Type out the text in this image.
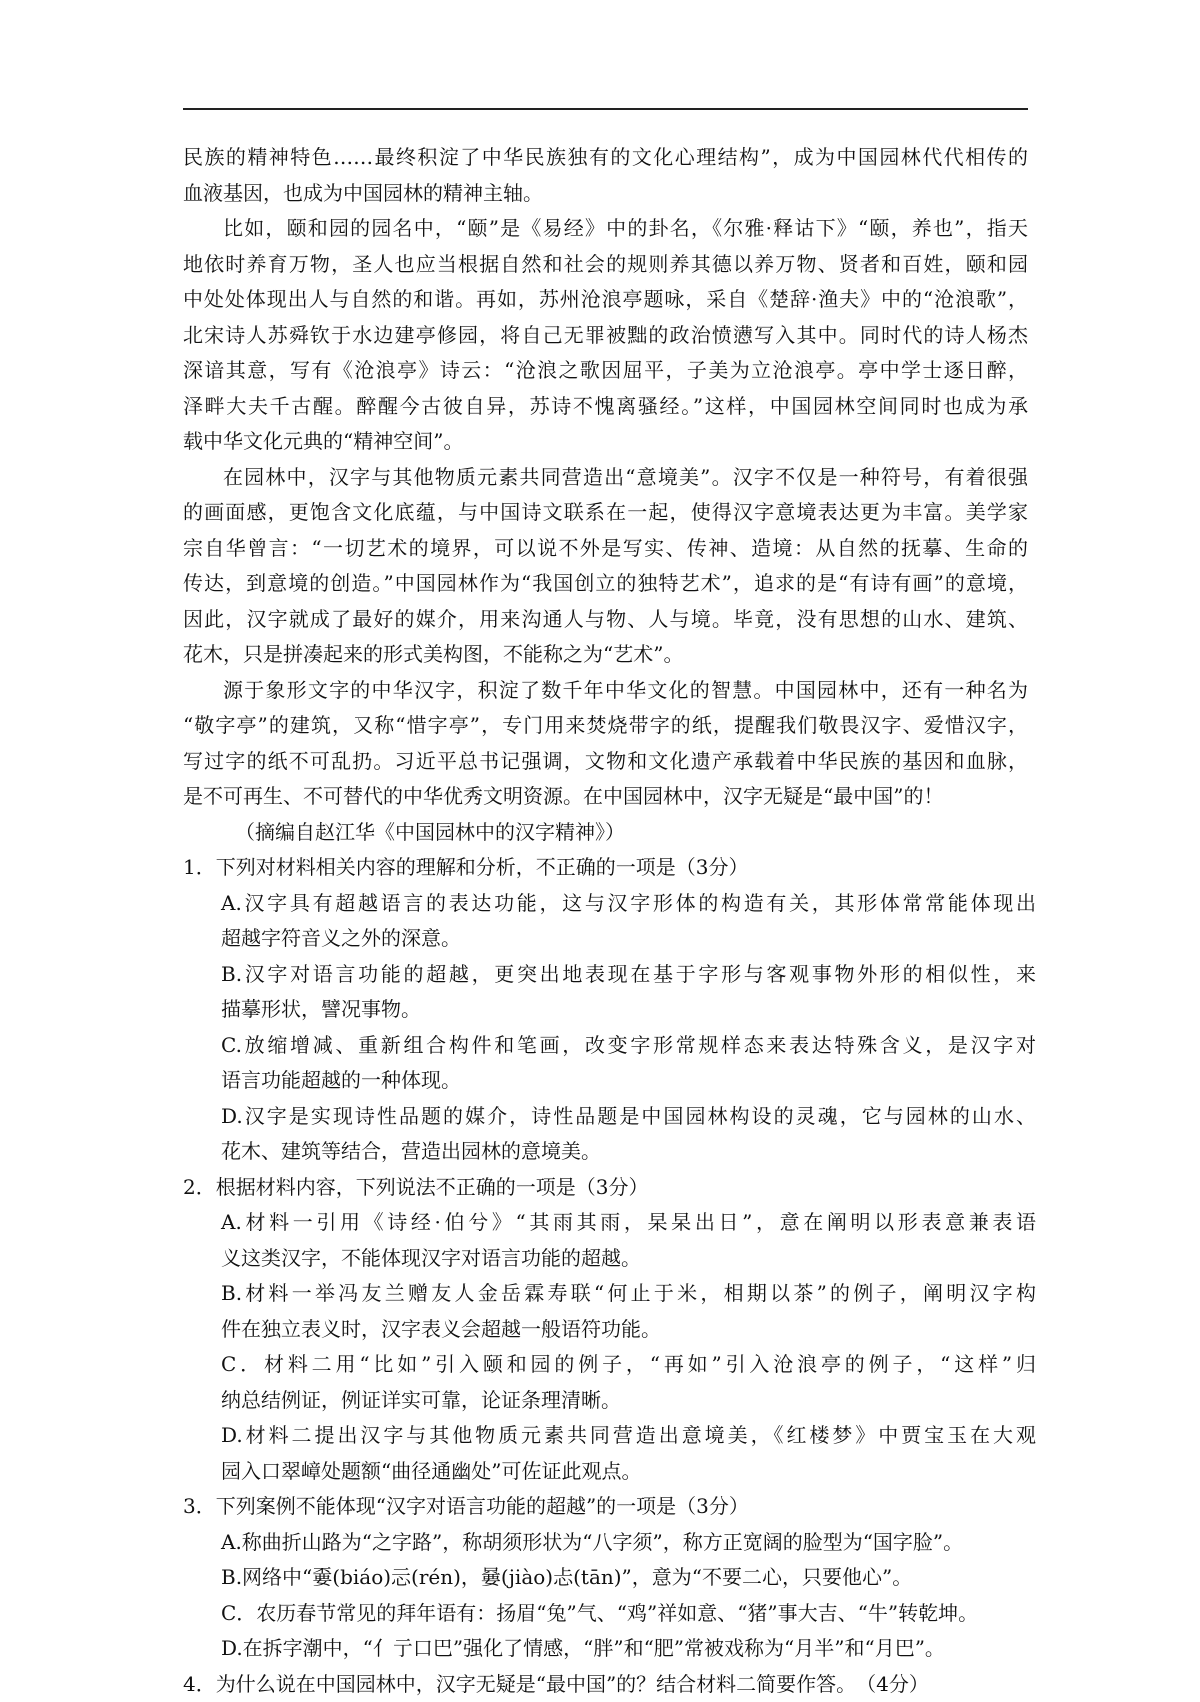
民族的精神特色……最终积淀了中华民族独有的文化心理结构”，成为中国园林代代相传的
血液基因，也成为中国园林的精神主轴。
比如，颐和园的园名中，“颐”是《易经》中的卦名，《尔雅·释诂下》“颐，养也”，指天
地依时养育万物，圣人也应当根据自然和社会的规则养其德以养万物、贤者和百姓，颐和园
中处处体现出人与自然的和谐。再如，苏州沧浪亭题咏，采自《楚辞·渔夫》中的“沧浪歌”，
北宋诗人苏舜钦于水边建亭修园，将自己无罪被黜的政治愤懑写入其中。同时代的诗人杨杰
深谙其意，写有《沧浪亭》诗云：“沧浪之歌因屈平，子美为立沧浪亭。亭中学士逐日醉，
泽畔大夫千古醒。醉醒今古彼自异，苏诗不愧离骚经。”这样，中国园林空间同时也成为承
载中华文化元典的“精神空间”。
在园林中，汉字与其他物质元素共同营造出“意境美”。汉字不仅是一种符号，有着很强
的画面感，更饱含文化底蕴，与中国诗文联系在一起，使得汉字意境表达更为丰富。美学家
宗自华曾言：“一切艺术的境界，可以说不外是写实、传神、造境：从自然的抚摹、生命的
传达，到意境的创造。”中国园林作为“我国创立的独特艺术”，追求的是“有诗有画”的意境，
因此，汉字就成了最好的媒介，用来沟通人与物、人与境。毕竟，没有思想的山水、建筑、
花木，只是拼凑起来的形式美构图，不能称之为“艺术”。
源于象形文字的中华汉字，积淀了数千年中华文化的智慧。中国园林中，还有一种名为
“敬字亭”的建筑，又称“惜字亭”，专门用来焚烧带字的纸，提醒我们敬畏汉字、爱惜汉字，
写过字的纸不可乱扔。习近平总书记强调，文物和文化遗产承载着中华民族的基因和血脉，
是不可再生、不可替代的中华优秀文明资源。在中国园林中，汉字无疑是“最中国”的！
（摘编自赵江华《中国园林中的汉字精神》）
1．下列对材料相关内容的理解和分析，不正确的一项是（3分）
A.汉字具有超越语言的表达功能，这与汉字形体的构造有关，其形体常常能体现出
超越字符音义之外的深意。
B.汉字对语言功能的超越，更突出地表现在基于字形与客观事物外形的相似性，来
描摹形状，譬况事物。
C.放缩增减、重新组合构件和笔画，改变字形常规样态来表达特殊含义，是汉字对
语言功能超越的一种体现。
D.汉字是实现诗性品题的媒介，诗性品题是中国园林构设的灵魂，它与园林的山水、
花木、建筑等结合，营造出园林的意境美。
2．根据材料内容，下列说法不正确的一项是（3分）
A.材料一引用《诗经·伯兮》“其雨其雨，杲杲出日”，意在阐明以形表意兼表语
义这类汉字，不能体现汉字对语言功能的超越。
B.材料一举冯友兰赠友人金岳霖寿联“何止于米，相期以茶”的例子，阐明汉字构
件在独立表义时，汉字表义会超越一般语符功能。
C．材料二用“比如”引入颐和园的例子，“再如”引入沧浪亭的例子，“这样”归
纳总结例证，例证详实可靠，论证条理清晰。
D.材料二提出汉字与其他物质元素共同营造出意境美，《红楼梦》中贾宝玉在大观
园入口翠嶂处题额“曲径通幽处”可佐证此观点。
3．下列案例不能体现“汉字对语言功能的超越”的一项是（3分）
A.称曲折山路为“之字路”，称胡须形状为“八字须”，称方正宽阔的脸型为“国字脸”。
B.网络中“嫑(biáo)忈(rén)，嘦(jiào)忐(tān)”，意为“不要二心，只要他心”。
C．农历春节常见的拜年语有：扬眉“兔”气、“鸡”祥如意、“猪”事大吉、“牛”转乾坤。
D.在拆字潮中，“亻亍口巴”强化了情感，“胖”和“肥”常被戏称为“月半”和“月巴”。
4．为什么说在中国园林中，汉字无疑是“最中国”的？结合材料二简要作答。　（4分）
